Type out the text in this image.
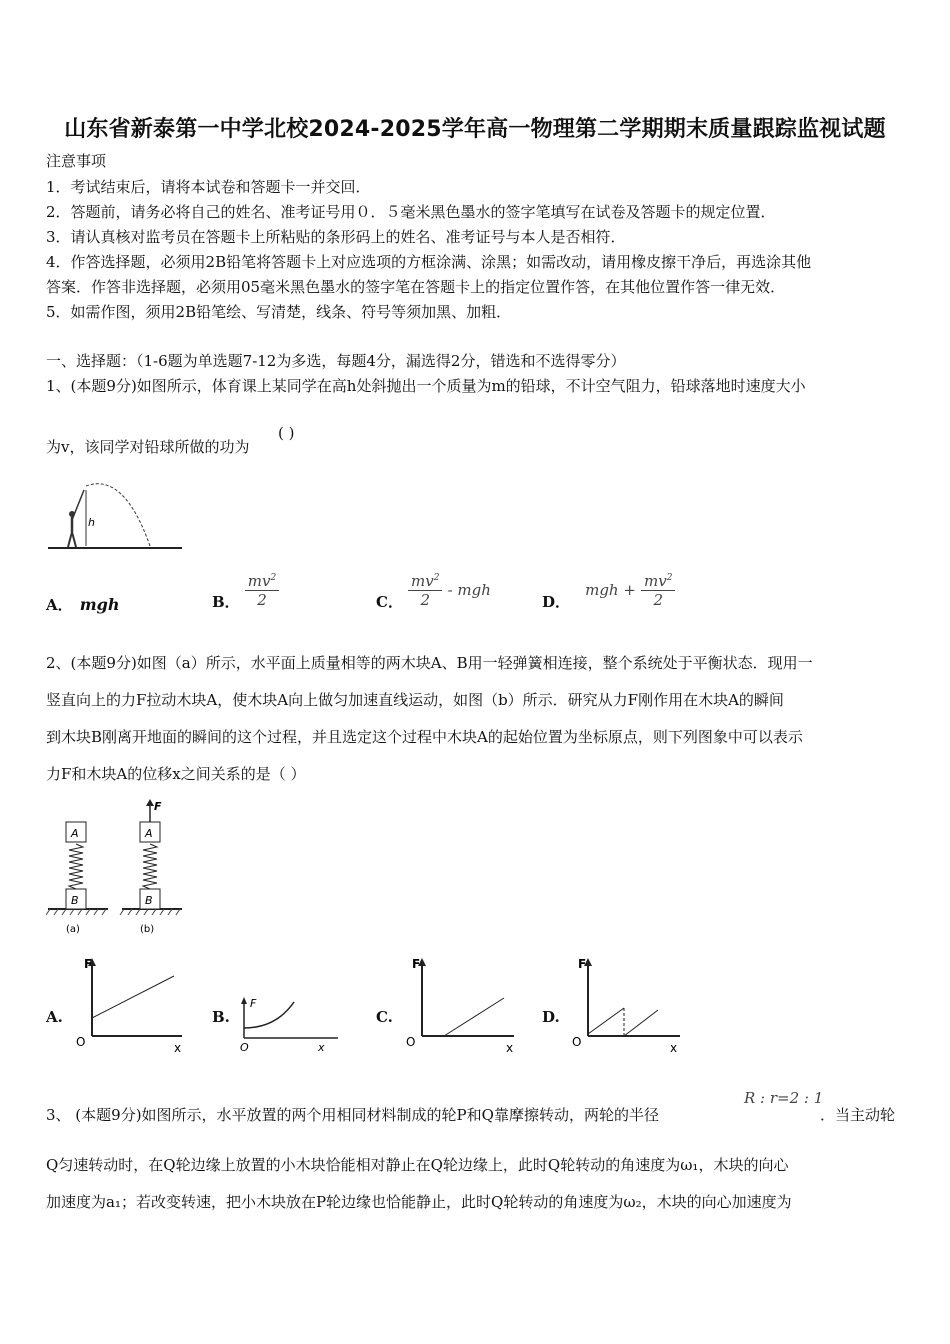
山东省新泰第一中学北校2024-2025学年高一物理第二学期期末质量跟踪监视试题
注意事项
1．考试结束后，请将本试卷和答题卡一并交回．
2．答题前，请务必将自己的姓名、准考证号用０．５毫米黑色墨水的签字笔填写在试卷及答题卡的规定位置．
3．请认真核对监考员在答题卡上所粘贴的条形码上的姓名、准考证号与本人是否相符．
4．作答选择题，必须用2B铅笔将答题卡上对应选项的方框涂满、涂黑；如需改动，请用橡皮擦干净后，再选涂其他
答案．作答非选择题，必须用05毫米黑色墨水的签字笔在答题卡上的指定位置作答，在其他位置作答一律无效．
5．如需作图，须用2B铅笔绘、写清楚，线条、符号等须加黑、加粗．
一、选择题：（1-6题为单选题7-12为多选，每题4分，漏选得2分，错选和不选得零分）
1、(本题9分)如图所示，体育课上某同学在高h处斜抛出一个质量为m的铅球，不计空气阻力，铅球落地时速度大小
为v，该同学对铅球所做的功为
( )
h
A． mgh	B． $\frac{mv^2}{2}$	C． $\frac{mv^2}{2}$ - mgh
D． mgh + $\frac{mv^2}{2}$
2、(本题9分)如图（a）所示，水平面上质量相等的两木块A、B用一轻弹簧相连接，整个系统处于平衡状态．现用一
竖直向上的力F拉动木块A，使木块A向上做匀加速直线运动，如图（b）所示．研究从力F刚作用在木块A的瞬间
到木块B刚离开地面的瞬间的这个过程，并且选定这个过程中木块A的起始位置为坐标原点，则下列图象中可以表示
力F和木块A的位移x之间关系的是（ ）
B
A
(a)
B
A
F
(b)
A.
F
O	x
B.
F
O	x
C.
F
O	x
D.
F
O	x
3、 (本题9分)如图所示，水平放置的两个用相同材料制成的轮P和Q靠摩擦转动，两轮的半径
R : r=2 : 1
．当主动轮
Q匀速转动时，在Q轮边缘上放置的小木块恰能相对静止在Q轮边缘上，此时Q轮转动的角速度为ω₁，木块的向心
加速度为a₁；若改变转速，把小木块放在P轮边缘也恰能静止，此时Q轮转动的角速度为ω₂，木块的向心加速度为
